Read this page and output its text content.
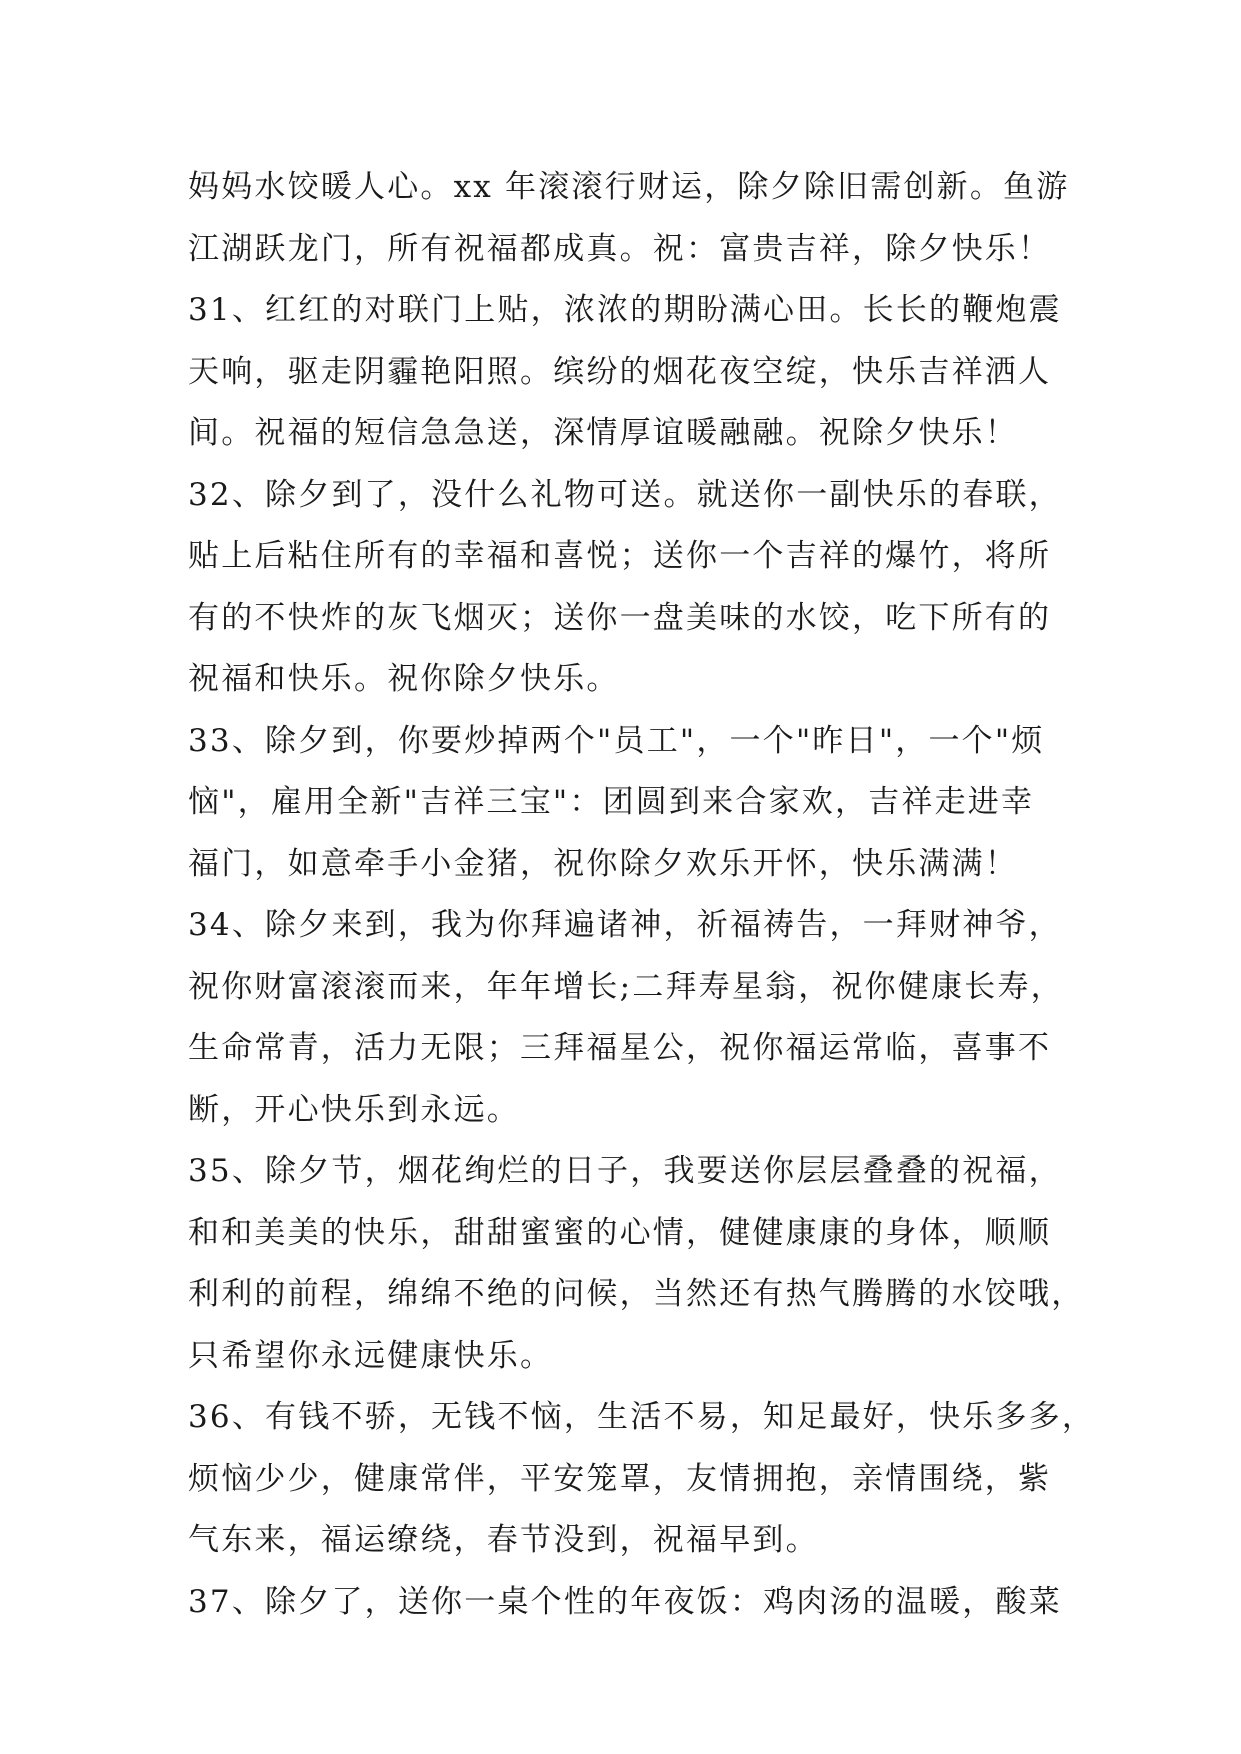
妈妈水饺暖人心。xx 年滚滚行财运，除夕除旧需创新。鱼游
江湖跃龙门，所有祝福都成真。祝：富贵吉祥，除夕快乐！
31、红红的对联门上贴，浓浓的期盼满心田。长长的鞭炮震
天响，驱走阴霾艳阳照。缤纷的烟花夜空绽，快乐吉祥洒人
间。祝福的短信急急送，深情厚谊暖融融。祝除夕快乐！
32、除夕到了，没什么礼物可送。就送你一副快乐的春联，
贴上后粘住所有的幸福和喜悦；送你一个吉祥的爆竹，将所
有的不快炸的灰飞烟灭；送你一盘美味的水饺，吃下所有的
祝福和快乐。祝你除夕快乐。
33、除夕到，你要炒掉两个"员工"，一个"昨日"，一个"烦
恼"，雇用全新"吉祥三宝"：团圆到来合家欢，吉祥走进幸
福门，如意牵手小金猪，祝你除夕欢乐开怀，快乐满满！
34、除夕来到，我为你拜遍诸神，祈福祷告，一拜财神爷，
祝你财富滚滚而来，年年增长;二拜寿星翁，祝你健康长寿，
生命常青，活力无限；三拜福星公，祝你福运常临，喜事不
断，开心快乐到永远。
35、除夕节，烟花绚烂的日子，我要送你层层叠叠的祝福，
和和美美的快乐，甜甜蜜蜜的心情，健健康康的身体，顺顺
利利的前程，绵绵不绝的问候，当然还有热气腾腾的水饺哦，
只希望你永远健康快乐。
36、有钱不骄，无钱不恼，生活不易，知足最好，快乐多多，
烦恼少少，健康常伴，平安笼罩，友情拥抱，亲情围绕，紫
气东来，福运缭绕，春节没到，祝福早到。
37、除夕了，送你一桌个性的年夜饭：鸡肉汤的温暖，酸菜
